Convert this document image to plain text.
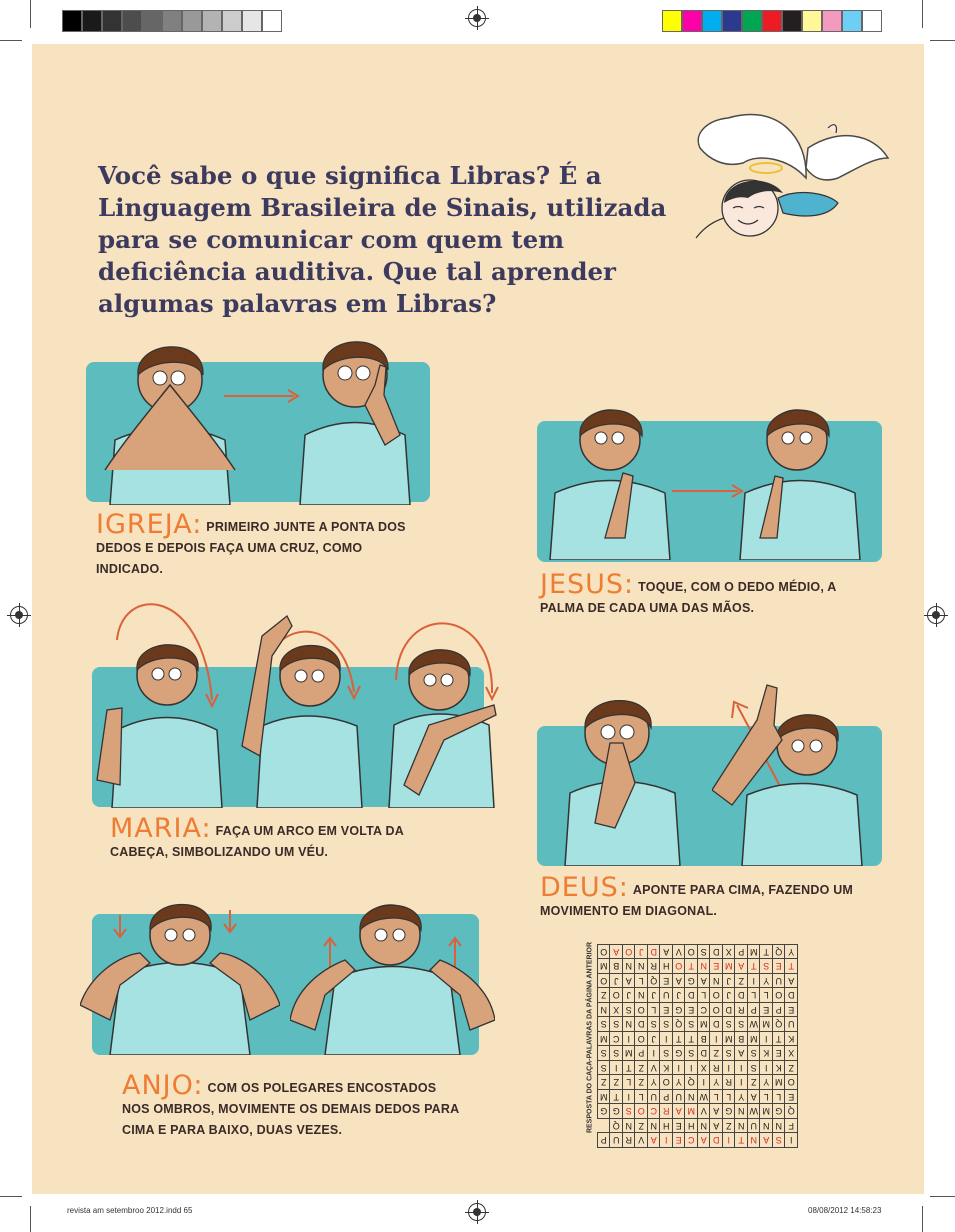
Você sabe o que significa Libras? É a Linguagem Brasileira de Sinais, utilizada para se comunicar com quem tem deficiência auditiva. Que tal aprender algumas palavras em Libras?

IGREJA: PRIMEIRO JUNTE A PONTA DOS DEDOS E DEPOIS FAÇA UMA CRUZ, COMO INDICADO.	JESUS: TOQUE, COM O DEDO MÉDIO, A PALMA DE CADA UMA DAS MÃOS.
MARIA: FAÇA UM ARCO EM VOLTA DA CABEÇA, SIMBOLIZANDO UM VÉU.
DEUS: APONTE PARA CIMA, FAZENDO UM MOVIMENTO EM DIAGONAL.
ANJO: COM OS POLEGARES ENCOSTADOS NOS OMBROS, MOVIMENTE OS DEMAIS DEDOS PARA CIMA E PARA BAIXO, DUAS VEZES.	RESPOSTA DO CAÇA-PALAVRAS DA PÁGINA ANTERIOR
I	S	A	N	T	I	D	A	C	E	I	A	V	R	U	P
F	N	N	U	N	Z	A	N	H	E	H	N	Z	N	Q	
Q	G	M	W	N	G	A	V	M	A	R	C	O	S	G	G
E	L	L	A	Y	L	L	W	N	U	P	U	L	I	T	M
O	M	Y	Z	I	R	Y	I	Q	Y	O	Y	Z	L	Z	Z
Z	K	I	S	I	I	R	X	I	I	K	V	Z	T	I	S
X	E	K	S	A	S	Z	D	S	G	S	I	P	M	S	S
K	T	I	M	B	M	I	B	T	T	I	J	O	I	C	M
U	Q	M	W	S	S	D	M	S	Q	S	S	D	N	S	S
E	P	E	P	R	D	O	C	E	G	E	L	O	S	X	N
D	O	L	L	D	J	O	L	D	J	U	J	N	J	O	Z
A	U	Y	I	Z	J	N	A	G	A	E	Q	L	A	J	O
T	E	S	T	A	M	E	N	T	O	H	R	N	N	B	M
Y	Q	T	M	P	X	D	S	O	V	A	D	J	O	A	O
revista am setembroo 2012.indd 65	08/08/2012 14:58:23
